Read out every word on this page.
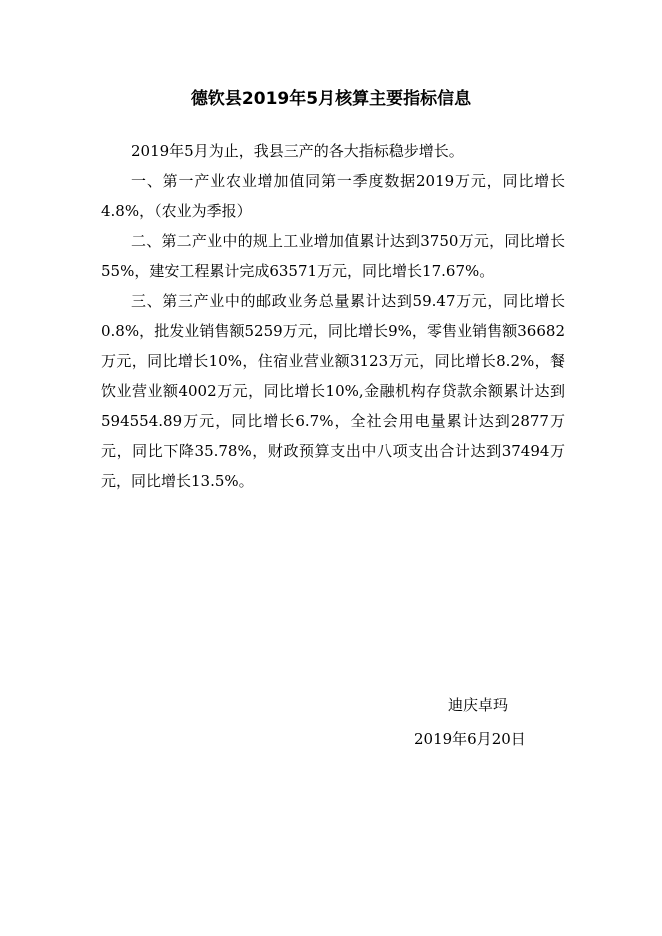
德钦县2019年5月核算主要指标信息

2019年5月为止，我县三产的各大指标稳步增长。

一、第一产业农业增加值同第一季度数据2019万元，同比增长4.8%，（农业为季报）

二、第二产业中的规上工业增加值累计达到3750万元，同比增长55%，建安工程累计完成63571万元，同比增长17.67%。

三、第三产业中的邮政业务总量累计达到59.47万元，同比增长0.8%，批发业销售额5259万元，同比增长9%，零售业销售额36682万元，同比增长10%，住宿业营业额3123万元，同比增长8.2%，餐饮业营业额4002万元，同比增长10%,金融机构存贷款余额累计达到594554.89万元，同比增长6.7%，全社会用电量累计达到2877万元，同比下降35.78%，财政预算支出中八项支出合计达到37494万元，同比增长13.5%。

迪庆卓玛
2019年6月20日
